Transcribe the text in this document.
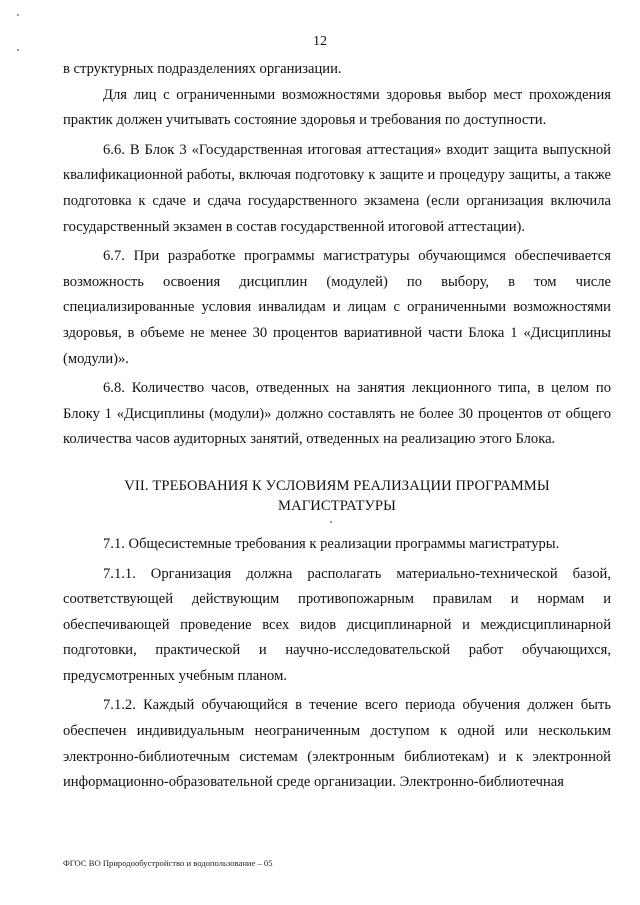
12

в структурных подразделениях организации.

Для лиц с ограниченными возможностями здоровья выбор мест прохождения практик должен учитывать состояние здоровья и требования по доступности.

6.6. В Блок 3 «Государственная итоговая аттестация» входит защита выпускной квалификационной работы, включая подготовку к защите и процедуру защиты, а также подготовка к сдаче и сдача государственного экзамена (если организация включила государственный экзамен в состав государственной итоговой аттестации).

6.7. При разработке программы магистратуры обучающимся обеспечивается возможность освоения дисциплин (модулей) по выбору, в том числе специализированные условия инвалидам и лицам с ограниченными возможностями здоровья, в объеме не менее 30 процентов вариативной части Блока 1 «Дисциплины (модули)».

6.8. Количество часов, отведенных на занятия лекционного типа, в целом по Блоку 1 «Дисциплины (модули)» должно составлять не более 30 процентов от общего количества часов аудиторных занятий, отведенных на реализацию этого Блока.

VII. ТРЕБОВАНИЯ К УСЛОВИЯМ РЕАЛИЗАЦИИ ПРОГРАММЫ
МАГИСТРАТУРЫ

7.1. Общесистемные требования к реализации программы магистратуры.

7.1.1. Организация должна располагать материально-технической базой, соответствующей действующим противопожарным правилам и нормам и обеспечивающей проведение всех видов дисциплинарной и междисциплинарной подготовки, практической и научно-исследовательской работ обучающихся, предусмотренных учебным планом.

7.1.2. Каждый обучающийся в течение всего периода обучения должен быть обеспечен индивидуальным неограниченным доступом к одной или нескольким электронно-библиотечным системам (электронным библиотекам) и к электронной информационно-образовательной среде организации. Электронно-библиотечная

ФГОС ВО Природообустройство и водопользование – 05
